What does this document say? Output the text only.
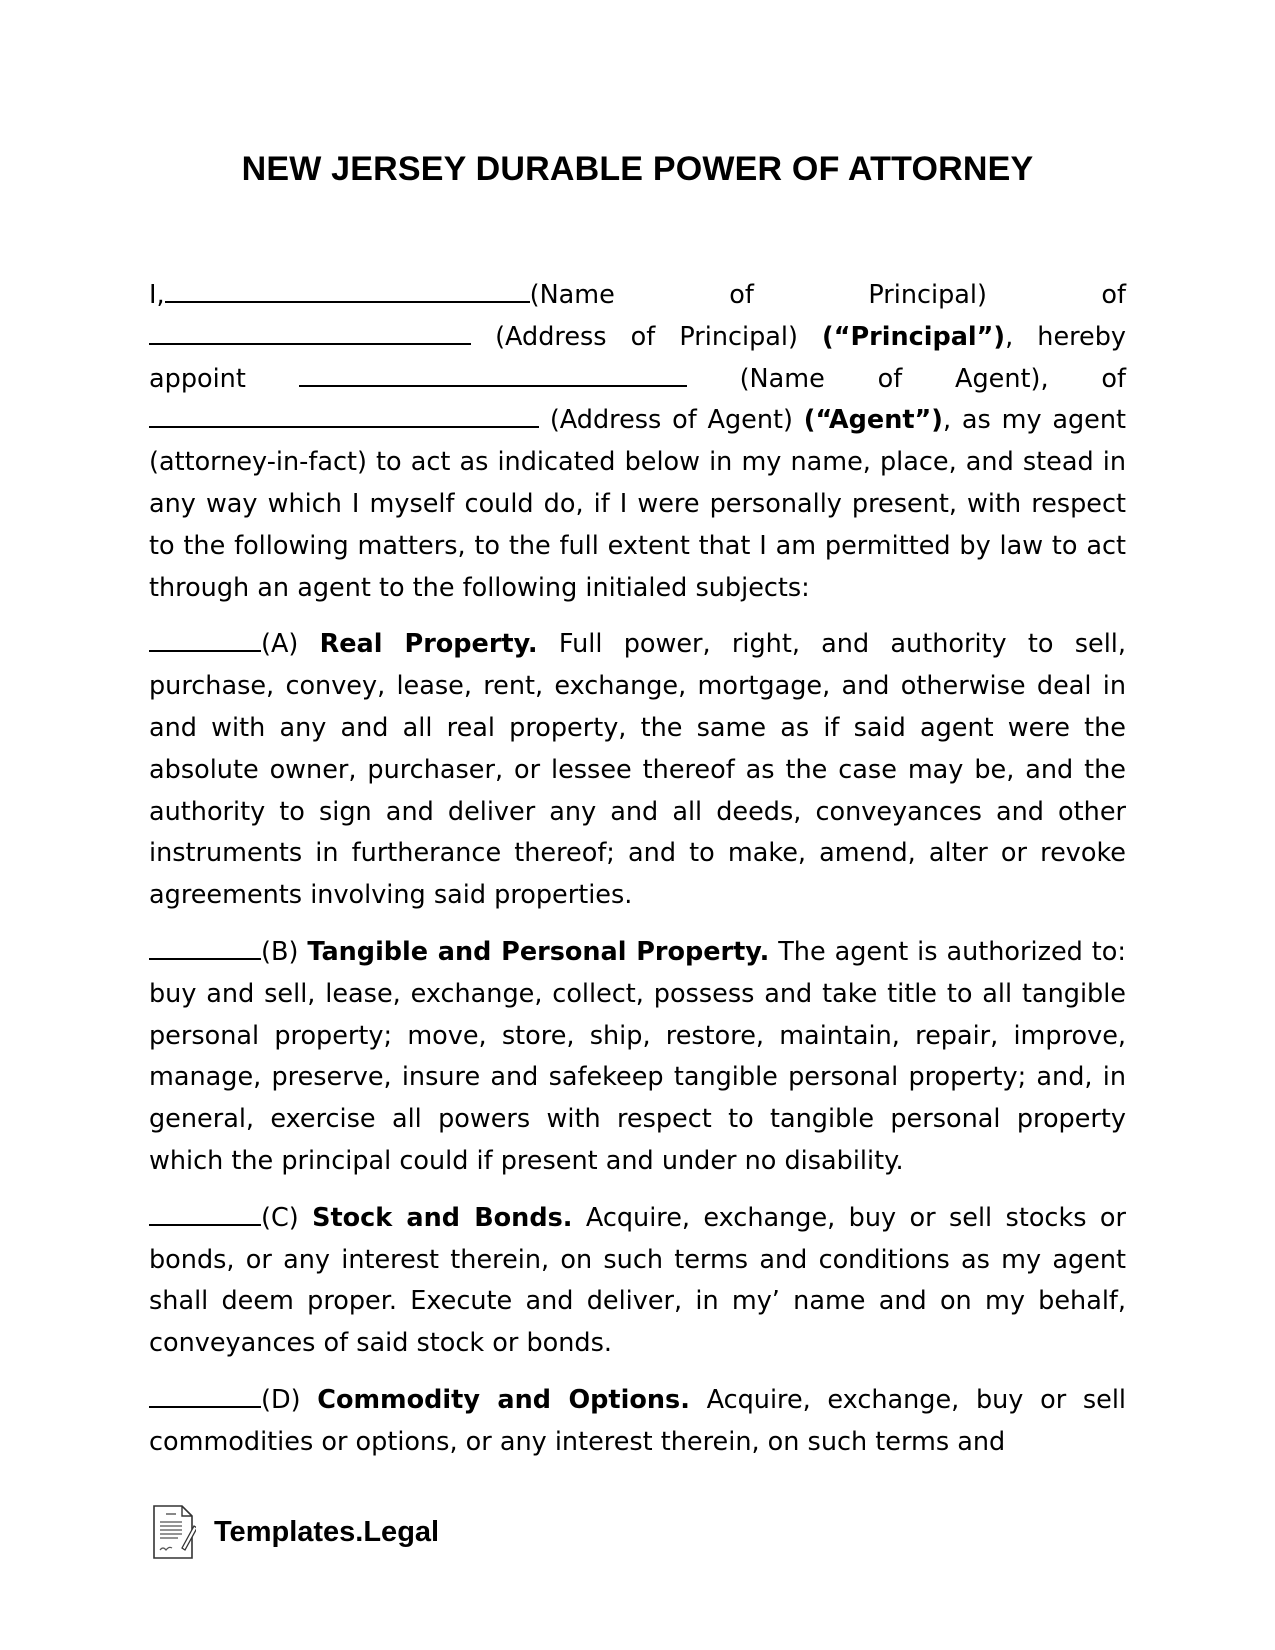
NEW JERSEY DURABLE POWER OF ATTORNEY

I,	(Name of Principal) of  (Address of Principal) (“Principal”), hereby appoint	(Name of Agent), of  (Address of Agent) (“Agent”), as my agent (attorney-in-fact) to act as indicated below in my name, place, and stead in any way which I myself could do, if I were personally present, with respect to the following matters, to the full extent that I am permitted by law to act through an agent to the following initialed subjects:

(A) Real Property. Full power, right, and authority to sell, purchase, convey, lease, rent, exchange, mortgage, and otherwise deal in and with any and all real property, the same as if said agent were the absolute owner, purchaser, or lessee thereof as the case may be, and the authority to sign and deliver any and all deeds, conveyances and other instruments in furtherance thereof; and to make, amend, alter or revoke agreements involving said properties.

(B) Tangible and Personal Property. The agent is authorized to: buy and sell, lease, exchange, collect, possess and take title to all tangible personal property; move, store, ship, restore, maintain, repair, improve, manage, preserve, insure and safekeep tangible personal property; and, in general, exercise all powers with respect to tangible personal property which the principal could if present and under no disability.

(C) Stock and Bonds. Acquire, exchange, buy or sell stocks or bonds, or any interest therein, on such terms and conditions as my agent shall deem proper. Execute and deliver, in my’ name and on my behalf, conveyances of said stock or bonds.

(D) Commodity and Options. Acquire, exchange, buy or sell commodities or options, or any interest therein, on such terms and

Templates.Legal
